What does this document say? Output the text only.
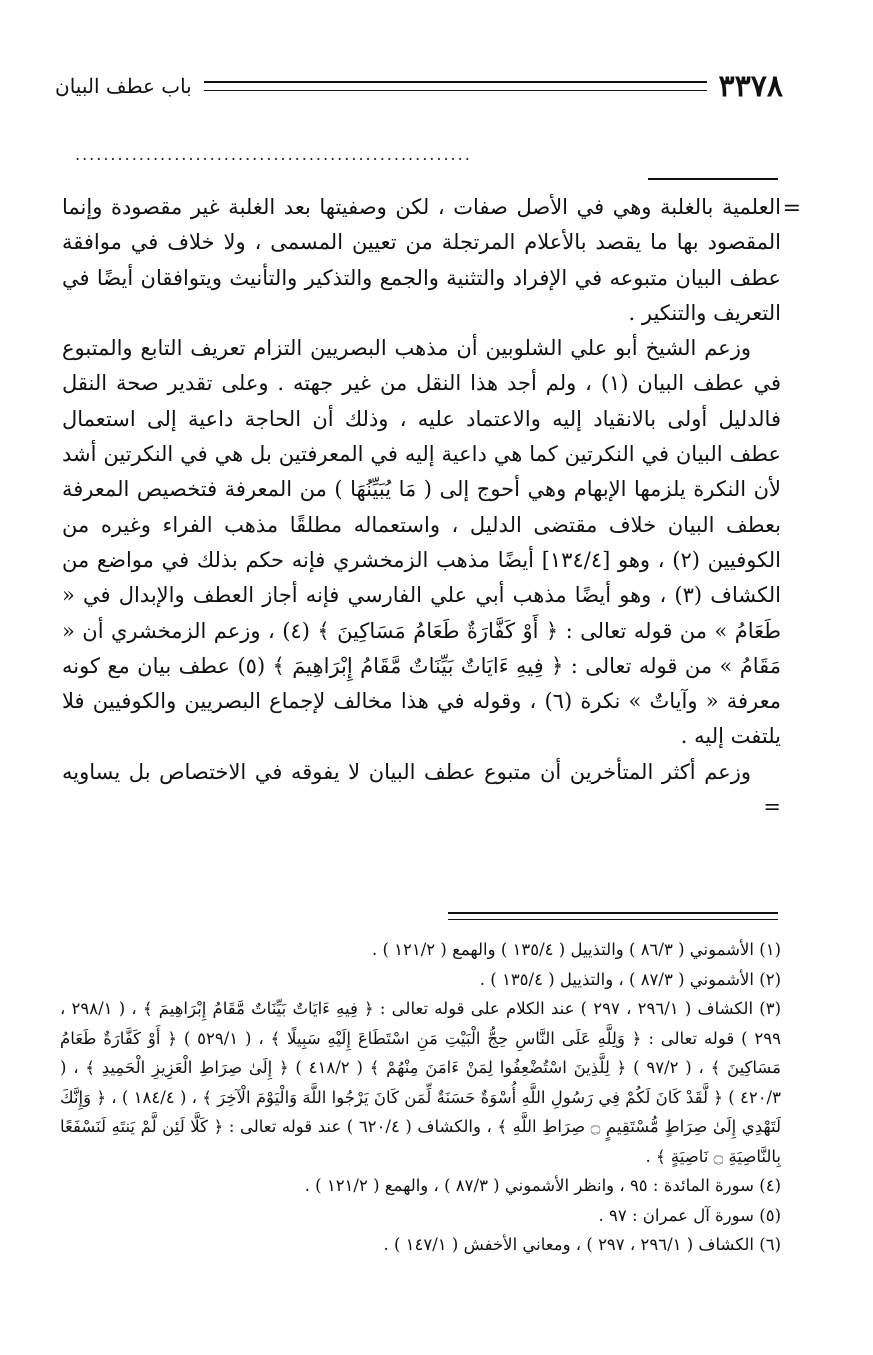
٣٣٧٨
باب عطف البيان
........................................................
=

العلمية بالغلبة وهي في الأصل صفات ، لكن وصفيتها بعد الغلبة غير مقصودة وإنما المقصود بها ما يقصد بالأعلام المرتجلة من تعيين المسمى ، ولا خلاف في موافقة عطف البيان متبوعه في الإفراد والتثنية والجمع والتذكير والتأنيث ويتوافقان أيضًا في التعريف والتنكير .

وزعم الشيخ أبو علي الشلوبين أن مذهب البصريين التزام تعريف التابع والمتبوع في عطف البيان (١) ، ولم أجد هذا النقل من غير جهته . وعلى تقدير صحة النقل فالدليل أولى بالانقياد إليه والاعتماد عليه ، وذلك أن الحاجة داعية إلى استعمال عطف البيان في النكرتين كما هي داعية إليه في المعرفتين بل هي في النكرتين أشد لأن النكرة يلزمها الإبهام وهي أحوج إلى ( مَا يُبَيِّنُهَا ) من المعرفة فتخصيص المعرفة بعطف البيان خلاف مقتضى الدليل ، واستعماله مطلقًا مذهب الفراء وغيره من الكوفيين (٢) ، وهو [١٣٤/٤] أيضًا مذهب الزمخشري فإنه حكم بذلك في مواضع من الكشاف (٣) ، وهو أيضًا مذهب أبي علي الفارسي فإنه أجاز العطف والإبدال في « طَعَامُ » من قوله تعالى : ﴿ أَوْ كَفَّارَةٌ طَعَامُ مَسَاكِينَ ﴾ (٤) ، وزعم الزمخشري أن « مَقَامُ » من قوله تعالى : ﴿ فِيهِ ءَايَاتٌ بَيِّنَاتٌ مَّقَامُ إِبْرَاهِيمَ ﴾ (٥) عطف بيان مع كونه معرفة « وآياتٌ » نكرة (٦) ، وقوله في هذا مخالف لإجماع البصريين والكوفيين فلا يلتفت إليه .

وزعم أكثر المتأخرين أن متبوع عطف البيان لا يفوقه في الاختصاص بل يساويه =

(١) الأشموني ( ٨٦/٣ ) والتذييل ( ١٣٥/٤ ) والهمع ( ١٢١/٢ ) .

(٢) الأشموني ( ٨٧/٣ ) ، والتذييل ( ١٣٥/٤ ) .

(٣) الكشاف ( ٢٩٦/١ ، ٢٩٧ ) عند الكلام على قوله تعالى : ﴿ فِيهِ ءَايَاتٌ بَيِّنَاتٌ مَّقَامُ إِبْرَاهِيمَ ﴾ ، ( ٢٩٨/١ ، ٢٩٩ ) قوله تعالى : ﴿ وَلِلَّهِ عَلَى النَّاسِ حِجُّ الْبَيْتِ مَنِ اسْتَطَاعَ إِلَيْهِ سَبِيلًا ﴾ ، ( ٥٢٩/١ ) ﴿ أَوْ كَفَّارَةٌ طَعَامُ مَسَاكِينَ ﴾ ، ( ٩٧/٢ ) ﴿ لِلَّذِينَ اسْتُضْعِفُوا لِمَنْ ءَامَنَ مِنْهُمْ ﴾ ( ٤١٨/٢ ) ﴿ إِلَىٰ صِرَاطِ الْعَزِيزِ الْحَمِيدِ ﴾ ، ( ٤٢٠/٣ ) ﴿ لَّقَدْ كَانَ لَكُمْ فِي رَسُولِ اللَّهِ أُسْوَةٌ حَسَنَةٌ لِّمَن كَانَ يَرْجُوا اللَّهَ وَالْيَوْمَ الْآخِرَ ﴾ ، ( ١٨٤/٤ ) ، ﴿ وَإِنَّكَ لَتَهْدِي إِلَىٰ صِرَاطٍ مُّسْتَقِيمٍ ۝ صِرَاطِ اللَّهِ ﴾ ، والكشاف ( ٦٢٠/٤ ) عند قوله تعالى : ﴿ كَلَّا لَئِن لَّمْ يَنتَهِ لَنَسْفَعًا بِالنَّاصِيَةِ ۝ نَاصِيَةٍ ﴾ .

(٤) سورة المائدة : ٩٥ ، وانظر الأشموني ( ٨٧/٣ ) ، والهمع ( ١٢١/٢ ) .

(٥) سورة آل عمران : ٩٧ .

(٦) الكشاف ( ٢٩٦/١ ، ٢٩٧ ) ، ومعاني الأخفش ( ١٤٧/١ ) .
